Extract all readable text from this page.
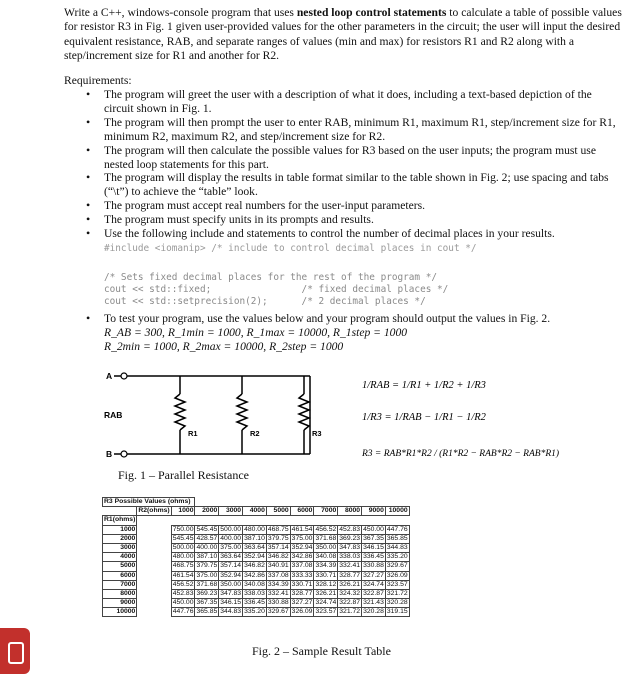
Write a C++, windows-console program that uses nested loop control statements to calculate a table of possible values for resistor R3 in Fig. 1 given user-provided values for the other parameters in the circuit; the user will input the desired equivalent resistance, RAB, and separate ranges of values (min and max) for resistors R1 and R2 along with a step/increment size for R1 and another for R2.

Requirements:

• The program will greet the user with a description of what it does, including a text-based depiction of the circuit shown in Fig. 1.
• The program will then prompt the user to enter RAB, minimum R1, maximum R1, step/increment size for R1, minimum R2, maximum R2, and step/increment size for R2.
• The program will then calculate the possible values for R3 based on the user inputs; the program must use nested loop statements for this part.
• The program will display the results in table format similar to the table shown in Fig. 2; use spacing and tabs (“\t”) to achieve the “table” look.
• The program must accept real numbers for the user-input parameters.
• The program must specify units in its prompts and results.
• Use the following include and statements to control the number of decimal places in your results.
#include <iomanip> /* include to control decimal places in cout */
/* Sets fixed decimal places for the rest of the program */
cout << std::fixed;                /* fixed decimal places */
cout << std::setprecision(2);      /* 2 decimal places */
• To test your program, use the values below and your program should output the values in Fig. 2.
R_AB = 300, R_1min = 1000, R_1max = 10000, R_1step = 1000
R_2min = 1000, R_2max = 10000, R_2step = 1000
A
B
RAB
R1	R2	R3
1/RAB = 1/R1 + 1/R2 + 1/R3
1/R3 = 1/RAB − 1/R1 − 1/R2
R3 = RAB*R1*R2 / (R1*R2 − RAB*R2 − RAB*R1)

Fig. 1 – Parallel Resistance

R3 Possible Values (ohms)												
	R2(ohms)	1000	2000	3000	4000	5000	6000	7000	8000	9000	10000	
R1(ohms)												
1000		750.00	545.45	500.00	480.00	468.75	461.54	456.52	452.83	450.00	447.76	
2000		545.45	428.57	400.00	387.10	379.75	375.00	371.68	369.23	367.35	365.85	
3000		500.00	400.00	375.00	363.64	357.14	352.94	350.00	347.83	346.15	344.83	
4000		480.00	387.10	363.64	352.94	346.82	342.86	340.08	338.03	336.45	335.20	
5000		468.75	379.75	357.14	346.82	340.91	337.08	334.39	332.41	330.88	329.67	
6000		461.54	375.00	352.94	342.86	337.08	333.33	330.71	328.77	327.27	326.09	
7000		456.52	371.68	350.00	340.08	334.39	330.71	328.12	326.21	324.74	323.57	
8000		452.83	369.23	347.83	338.03	332.41	328.77	326.21	324.32	322.87	321.72	
9000		450.00	367.35	346.15	336.45	330.88	327.27	324.74	322.87	321.43	320.28	
10000		447.76	365.85	344.83	335.20	329.67	326.09	323.57	321.72	320.28	319.15	

Fig. 2 – Sample Result Table
